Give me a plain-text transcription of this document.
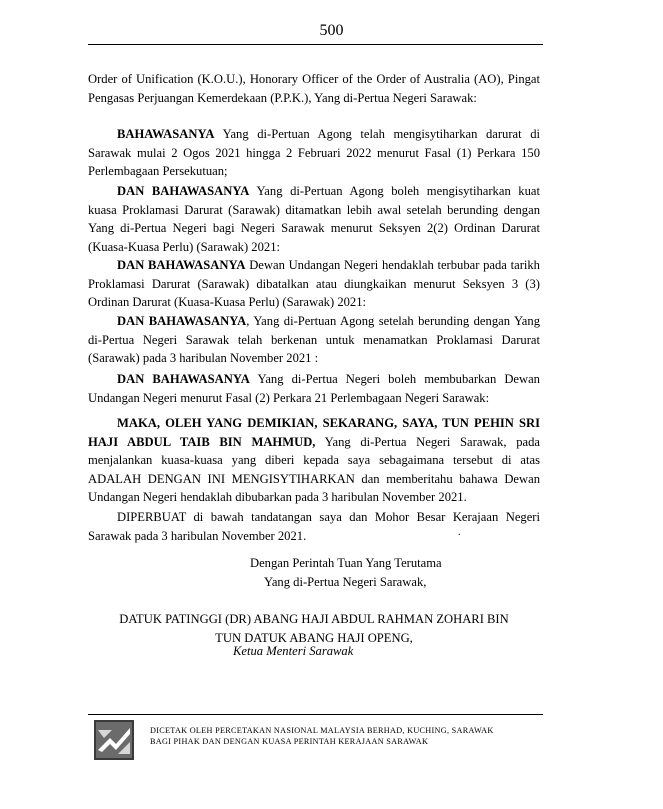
500

Order of Unification (K.O.U.), Honorary Officer of the Order of Australia (AO), Pingat Pengasas Perjuangan Kemerdekaan (P.P.K.), Yang di-Pertua Negeri Sarawak:

BAHAWASANYA Yang di-Pertuan Agong telah mengisytiharkan darurat di Sarawak mulai 2 Ogos 2021 hingga 2 Februari 2022 menurut Fasal (1) Perkara 150 Perlembagaan Persekutuan;

DAN BAHAWASANYA Yang di-Pertuan Agong boleh mengisytiharkan kuat kuasa Proklamasi Darurat (Sarawak) ditamatkan lebih awal setelah berunding dengan Yang di-Pertua Negeri bagi Negeri Sarawak menurut Seksyen 2(2) Ordinan Darurat (Kuasa-Kuasa Perlu) (Sarawak) 2021:

DAN BAHAWASANYA Dewan Undangan Negeri hendaklah terbubar pada tarikh Proklamasi Darurat (Sarawak) dibatalkan atau diungkaikan menurut Seksyen 3 (3) Ordinan Darurat (Kuasa-Kuasa Perlu) (Sarawak) 2021:

DAN BAHAWASANYA, Yang di-Pertuan Agong setelah berunding dengan Yang di-Pertua Negeri Sarawak telah berkenan untuk menamatkan Proklamasi Darurat (Sarawak) pada 3 haribulan November 2021 :

DAN BAHAWASANYA Yang di-Pertua Negeri boleh membubarkan Dewan Undangan Negeri menurut Fasal (2) Perkara 21 Perlembagaan Negeri Sarawak:

MAKA, OLEH YANG DEMIKIAN, SEKARANG, SAYA, TUN PEHIN SRI HAJI ABDUL TAIB BIN MAHMUD, Yang di-Pertua Negeri Sarawak, pada menjalankan kuasa-kuasa yang diberi kepada saya sebagaimana tersebut di atas ADALAH DENGAN INI MENGISYTIHARKAN dan memberitahu bahawa Dewan Undangan Negeri hendaklah dibubarkan pada 3 haribulan November 2021.

DIPERBUAT di bawah tandatangan saya dan Mohor Besar Kerajaan Negeri Sarawak pada 3 haribulan November 2021.	.
Dengan Perintah Tuan Yang Terutama
Yang di-Pertua Negeri Sarawak,
DATUK PATINGGI (DR) ABANG HAJI ABDUL RAHMAN ZOHARI BIN
TUN DATUK ABANG HAJI OPENG,
Ketua Menteri Sarawak
DICETAK OLEH PERCETAKAN NASIONAL MALAYSIA BERHAD, KUCHING, SARAWAK
BAGI PIHAK DAN DENGAN KUASA PERINTAH KERAJAAN SARAWAK
